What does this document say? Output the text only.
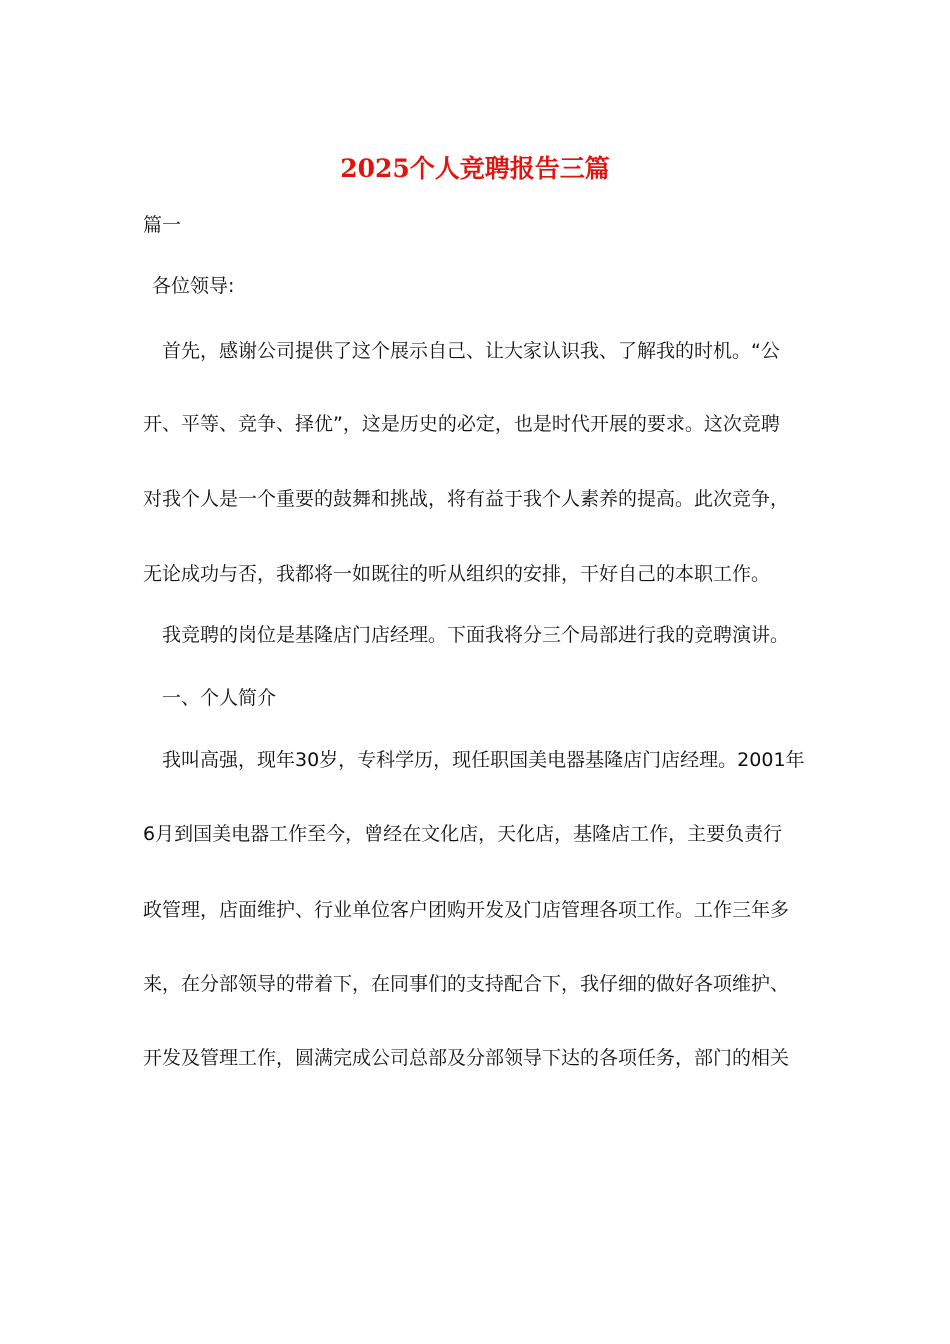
2025个人竞聘报告三篇
篇一
各位领导:
首先，感谢公司提供了这个展示自己、让大家认识我、了解我的时机。“公
开、平等、竞争、择优”，这是历史的必定，也是时代开展的要求。这次竞聘
对我个人是一个重要的鼓舞和挑战，将有益于我个人素养的提高。此次竞争，
无论成功与否，我都将一如既往的听从组织的安排，干好自己的本职工作。
我竞聘的岗位是基隆店门店经理。下面我将分三个局部进行我的竞聘演讲。
一、个人简介
我叫高强，现年30岁，专科学历，现任职国美电器基隆店门店经理。2001年
6月到国美电器工作至今，曾经在文化店，天化店，基隆店工作，主要负责行
政管理，店面维护、行业单位客户团购开发及门店管理各项工作。工作三年多
来，在分部领导的带着下，在同事们的支持配合下，我仔细的做好各项维护、
开发及管理工作，圆满完成公司总部及分部领导下达的各项任务，部门的相关
